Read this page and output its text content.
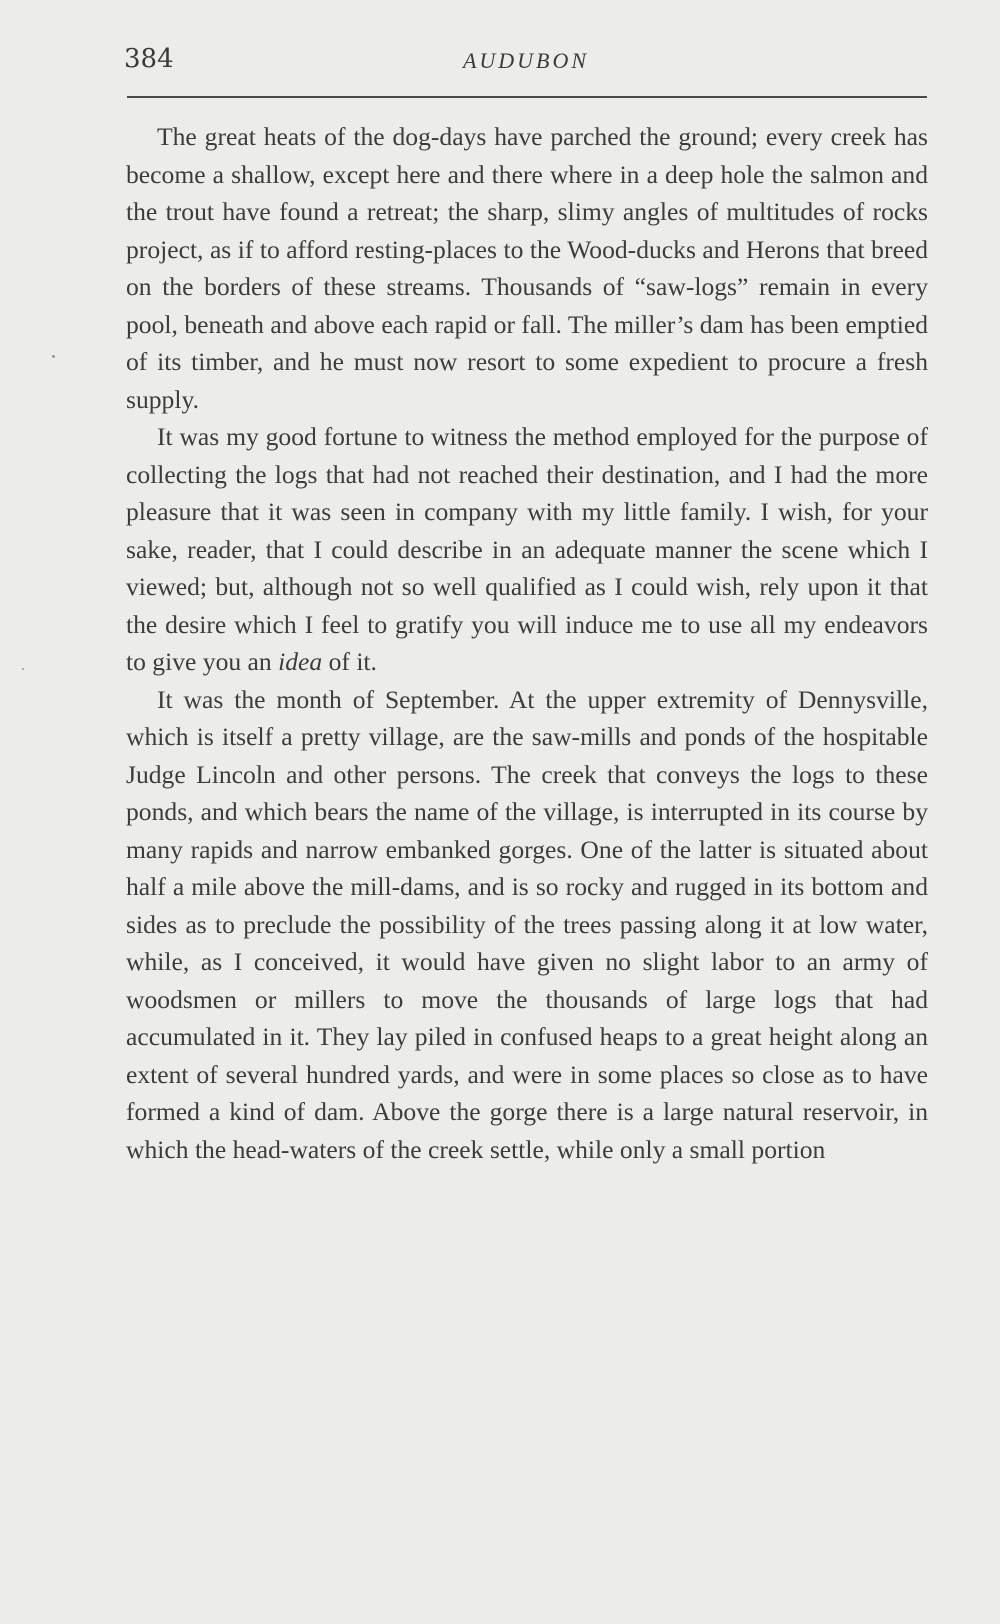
384	AUDUBON

The great heats of the dog-days have parched the ground; every creek has become a shallow, except here and there where in a deep hole the salmon and the trout have found a retreat; the sharp, slimy angles of multitudes of rocks project, as if to afford resting-places to the Wood-ducks and Herons that breed on the borders of these streams. Thousands of “saw-logs” remain in every pool, beneath and above each rapid or fall. The miller’s dam has been emptied of its timber, and he must now resort to some expedient to procure a fresh supply.

It was my good fortune to witness the method employed for the purpose of collecting the logs that had not reached their destination, and I had the more pleasure that it was seen in company with my little family. I wish, for your sake, reader, that I could describe in an adequate manner the scene which I viewed; but, although not so well qualified as I could wish, rely upon it that the desire which I feel to gratify you will induce me to use all my endeavors to give you an idea of it.

It was the month of September. At the upper extremity of Dennysville, which is itself a pretty village, are the saw-mills and ponds of the hospitable Judge Lincoln and other persons. The creek that conveys the logs to these ponds, and which bears the name of the village, is interrupted in its course by many rapids and narrow embanked gorges. One of the latter is situated about half a mile above the mill-dams, and is so rocky and rugged in its bottom and sides as to preclude the possibility of the trees passing along it at low water, while, as I conceived, it would have given no slight labor to an army of woodsmen or millers to move the thousands of large logs that had accumulated in it. They lay piled in confused heaps to a great height along an extent of several hundred yards, and were in some places so close as to have formed a kind of dam. Above the gorge there is a large natural reservoir, in which the head-waters of the creek settle, while only a small portion
